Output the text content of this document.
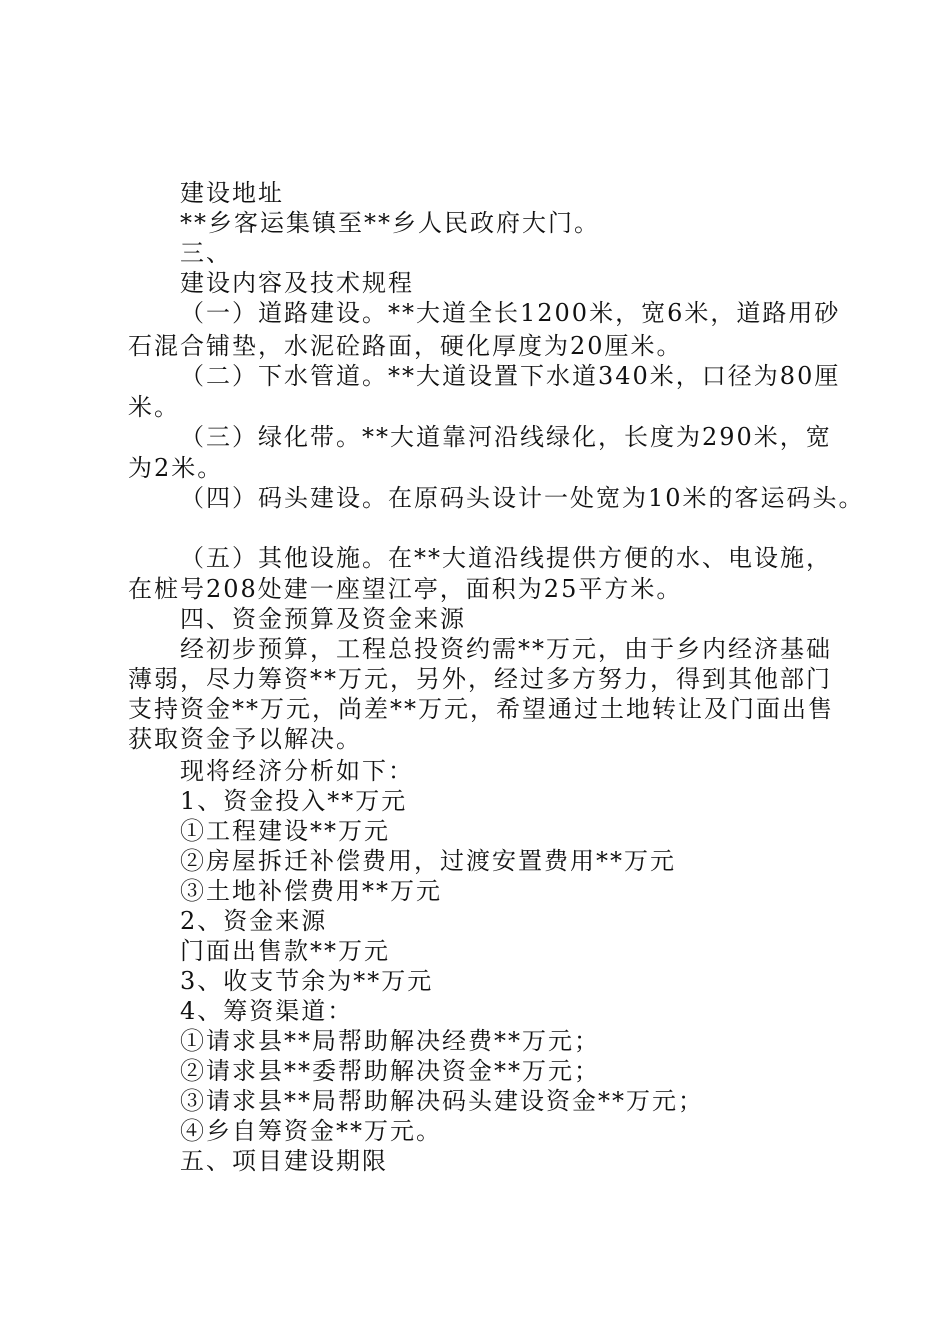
建设地址
**乡客运集镇至**乡人民政府大门。
三、
建设内容及技术规程
（一）道路建设。**大道全长1200米，宽6米，道路用砂
石混合铺垫，水泥砼路面，硬化厚度为20厘米。
（二）下水管道。**大道设置下水道340米，口径为80厘
米。
（三）绿化带。**大道靠河沿线绿化，长度为290米，宽
为2米。
（四）码头建设。在原码头设计一处宽为10米的客运码头。
（五）其他设施。在**大道沿线提供方便的水、电设施，
在桩号208处建一座望江亭，面积为25平方米。
四、资金预算及资金来源
经初步预算，工程总投资约需**万元，由于乡内经济基础
薄弱，尽力筹资**万元，另外，经过多方努力，得到其他部门
支持资金**万元，尚差**万元，希望通过土地转让及门面出售
获取资金予以解决。
现将经济分析如下：
1、资金投入**万元
①工程建设**万元
②房屋拆迁补偿费用，过渡安置费用**万元
③土地补偿费用**万元
2、资金来源
门面出售款**万元
3、收支节余为**万元
4、筹资渠道：
①请求县**局帮助解决经费**万元；
②请求县**委帮助解决资金**万元；
③请求县**局帮助解决码头建设资金**万元；
④乡自筹资金**万元。
五、项目建设期限
